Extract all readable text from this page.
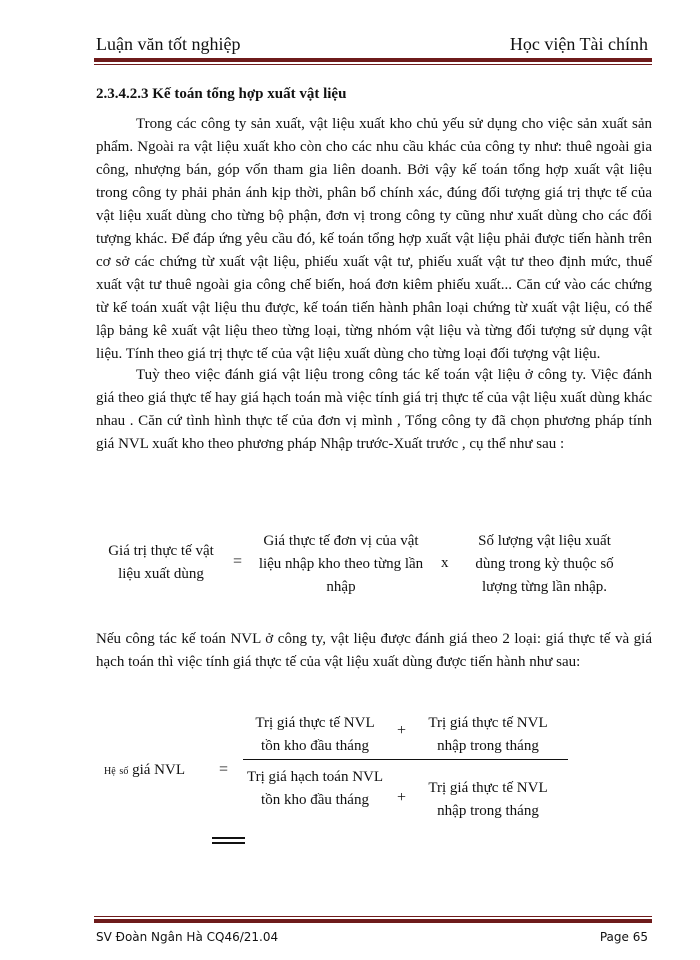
Luận văn tốt nghiệp	Học viện Tài chính
2.3.4.2.3 Kế toán tổng hợp xuất vật liệu
Trong các công ty sản xuất, vật liệu xuất kho chủ yếu sử dụng cho việc sản xuất sản phẩm. Ngoài ra vật liệu xuất kho còn cho các nhu cầu khác của công ty như: thuê ngoài gia công, nhượng bán, góp vốn tham gia liên doanh. Bởi vậy kế toán tổng hợp xuất vật liệu trong công ty phải phản ánh kịp thời, phân bổ chính xác, đúng đối tượng giá trị thực tế của vật liệu xuất dùng cho từng bộ phận, đơn vị trong công ty cũng như xuất dùng cho các đối tượng khác. Để đáp ứng yêu cầu đó, kế toán tổng hợp xuất vật liệu phải được tiến hành trên cơ sở các chứng từ xuất vật liệu, phiếu xuất vật tư, phiếu xuất vật tư theo định mức, thuế xuất vật tư thuê ngoài gia công chế biến, hoá đơn kiêm phiếu xuất... Căn cứ vào các chứng từ kế toán xuất vật liệu thu được, kế toán tiến hành phân loại chứng từ xuất vật liệu, có thể lập bảng kê xuất vật liệu theo từng loại, từng nhóm vật liệu và từng đối tượng sử dụng vật liệu. Tính theo giá trị thực tế của vật liệu xuất dùng cho từng loại đối tượng vật liệu.
Tuỳ theo việc đánh giá vật liệu trong công tác kế toán vật liệu ở công ty. Việc đánh giá theo giá thực tế hay giá hạch toán mà việc tính giá trị thực tế của vật liệu xuất dùng khác nhau . Căn cứ tình hình thực tế của đơn vị mình , Tổng công ty đã chọn phương pháp tính giá NVL xuất kho theo phương pháp Nhập trước-Xuất trước , cụ thể như sau :
Giá trị thực tế vật liệu xuất dùng
=
Giá thực tế đơn vị của vật liệu nhập kho theo từng lần nhập
x
Số lượng vật liệu xuất dùng trong kỳ thuộc số lượng từng lần nhập.
Nếu công tác kế toán NVL ở công ty, vật liệu được đánh giá theo 2 loại: giá thực tế và giá hạch toán thì việc tính giá thực tế của vật liệu xuất dùng được tiến hành như sau:
Hệ số giá NVL =
Trị giá thực tế NVL tồn kho đầu tháng
+	Trị giá thực tế NVL nhập trong tháng
Trị giá hạch toán NVL tồn kho đầu tháng	+
Trị giá thực tế NVL nhập trong tháng
SV Đoàn Ngân Hà CQ46/21.04	Page 65
